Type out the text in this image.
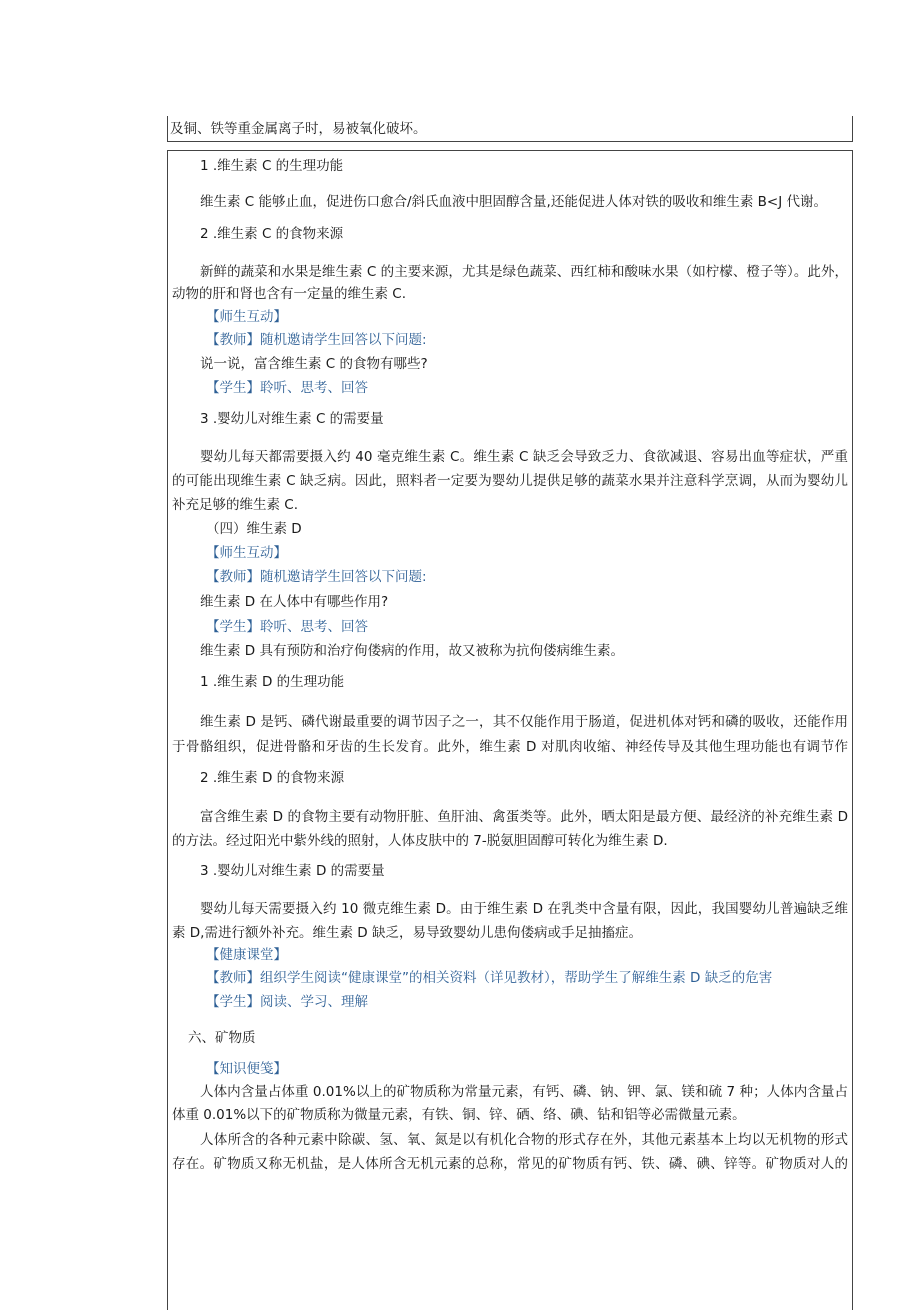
及铜、铁等重金属离子时，易被氧化破坏。
1 .维生素 C 的生理功能
维生素 C 能够止血，促进伤口愈合/斜氏血液中胆固醇含量,还能促进人体对铁的吸收和维生素 B<J 代谢。
2 .维生素 C 的食物来源
新鲜的蔬菜和水果是维生素 C 的主要来源，尤其是绿色蔬菜、西红柿和酸味水果（如柠檬、橙子等）。此外，
动物的肝和肾也含有一定量的维生素 C.
【师生互动】
【教师】随机邀请学生回答以下问题:
说一说，富含维生素 C 的食物有哪些?
【学生】聆听、思考、回答
3 .婴幼儿对维生素 C 的需要量
婴幼儿每天都需要摄入约 40 毫克维生素 C。维生素 C 缺乏会导致乏力、食欲减退、容易出血等症状，严重
的可能出现维生素 C 缺乏病。因此，照料者一定要为婴幼儿提供足够的蔬菜水果并注意科学烹调，从而为婴幼儿
补充足够的维生素 C.
（四）维生素 D
【师生互动】
【教师】随机邀请学生回答以下问题:
维生素 D 在人体中有哪些作用?
【学生】聆听、思考、回答
维生素 D 具有预防和治疗佝偻病的作用，故又被称为抗佝偻病维生素。
1 .维生素 D 的生理功能
维生素 D 是钙、磷代谢最重要的调节因子之一，其不仅能作用于肠道，促进机体对钙和磷的吸收，还能作用
于骨骼组织，促进骨骼和牙齿的生长发育。此外，维生素 D 对肌肉收缩、神经传导及其他生理功能也有调节作
2 .维生素 D 的食物来源
富含维生素 D 的食物主要有动物肝脏、鱼肝油、禽蛋类等。此外，晒太阳是最方便、最经济的补充维生素 D
的方法。经过阳光中紫外线的照射，人体皮肤中的 7-脱氨胆固醇可转化为维生素 D.
3 .婴幼儿对维生素 D 的需要量
婴幼儿每天需要摄入约 10 微克维生素 D。由于维生素 D 在乳类中含量有限，因此，我国婴幼儿普遍缺乏维
素 D,需进行额外补充。维生素 D 缺乏，易导致婴幼儿患佝偻病或手足抽搐症。
【健康课堂】
【教师】组织学生阅读“健康课堂”的相关资料（详见教材），帮助学生了解维生素 D 缺乏的危害
【学生】阅读、学习、理解
六、矿物质
【知识便笺】
人体内含量占体重 0.01%以上的矿物质称为常量元素，有钙、磷、钠、钾、氯、镁和硫 7 种；人体内含量占
体重 0.01%以下的矿物质称为微量元素，有铁、铜、锌、硒、络、碘、钻和铝等必需微量元素。
人体所含的各种元素中除碳、氢、氧、氮是以有机化合物的形式存在外，其他元素基本上均以无机物的形式
存在。矿物质又称无机盐，是人体所含无机元素的总称，常见的矿物质有钙、铁、磷、碘、锌等。矿物质对人的
